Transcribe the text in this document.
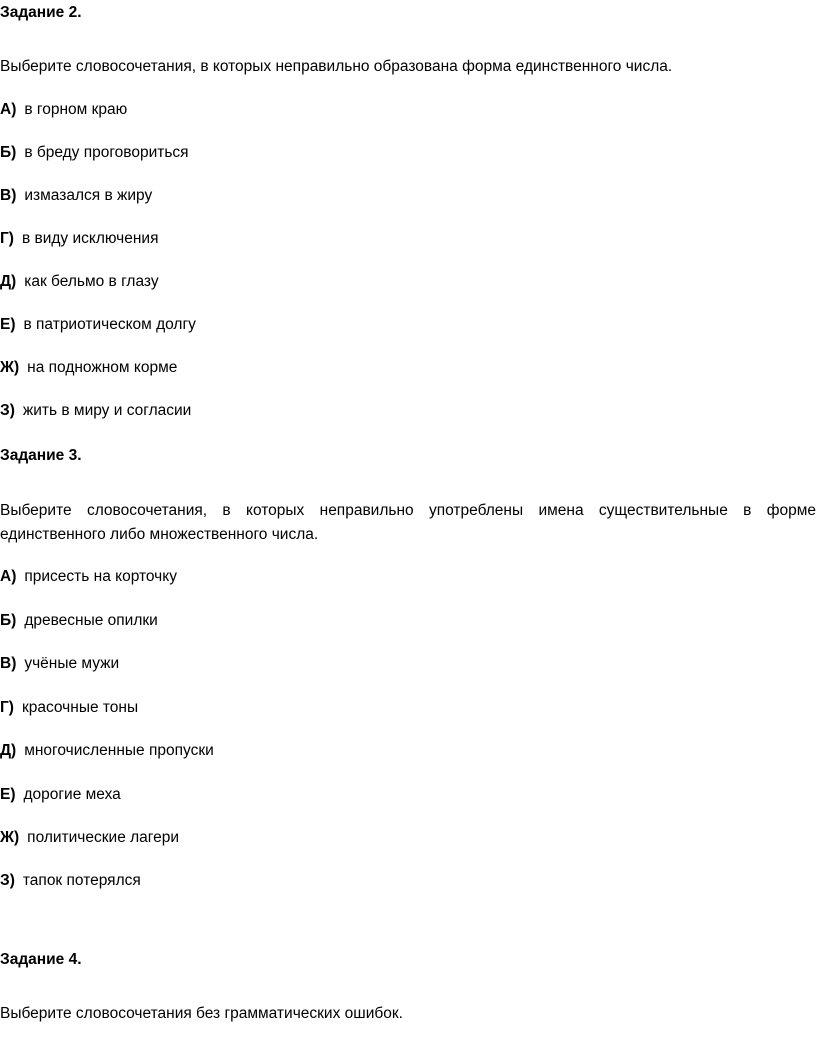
Задание 2.

Выберите словосочетания, в которых неправильно образована форма единственного числа.

А) в горном краю

Б) в бреду проговориться

В) измазался в жиру

Г) в виду исключения

Д) как бельмо в глазу

Е) в патриотическом долгу

Ж) на подножном корме

З) жить в миру и согласии

Задание 3.

Выберите словосочетания, в которых неправильно употреблены имена существительные в форме единственного либо множественного числа.

А) присесть на корточку

Б) древесные опилки

В) учёные мужи

Г) красочные тоны

Д) многочисленные пропуски

Е) дорогие меха

Ж) политические лагери

З) тапок потерялся

Задание 4.

Выберите словосочетания без грамматических ошибок.
